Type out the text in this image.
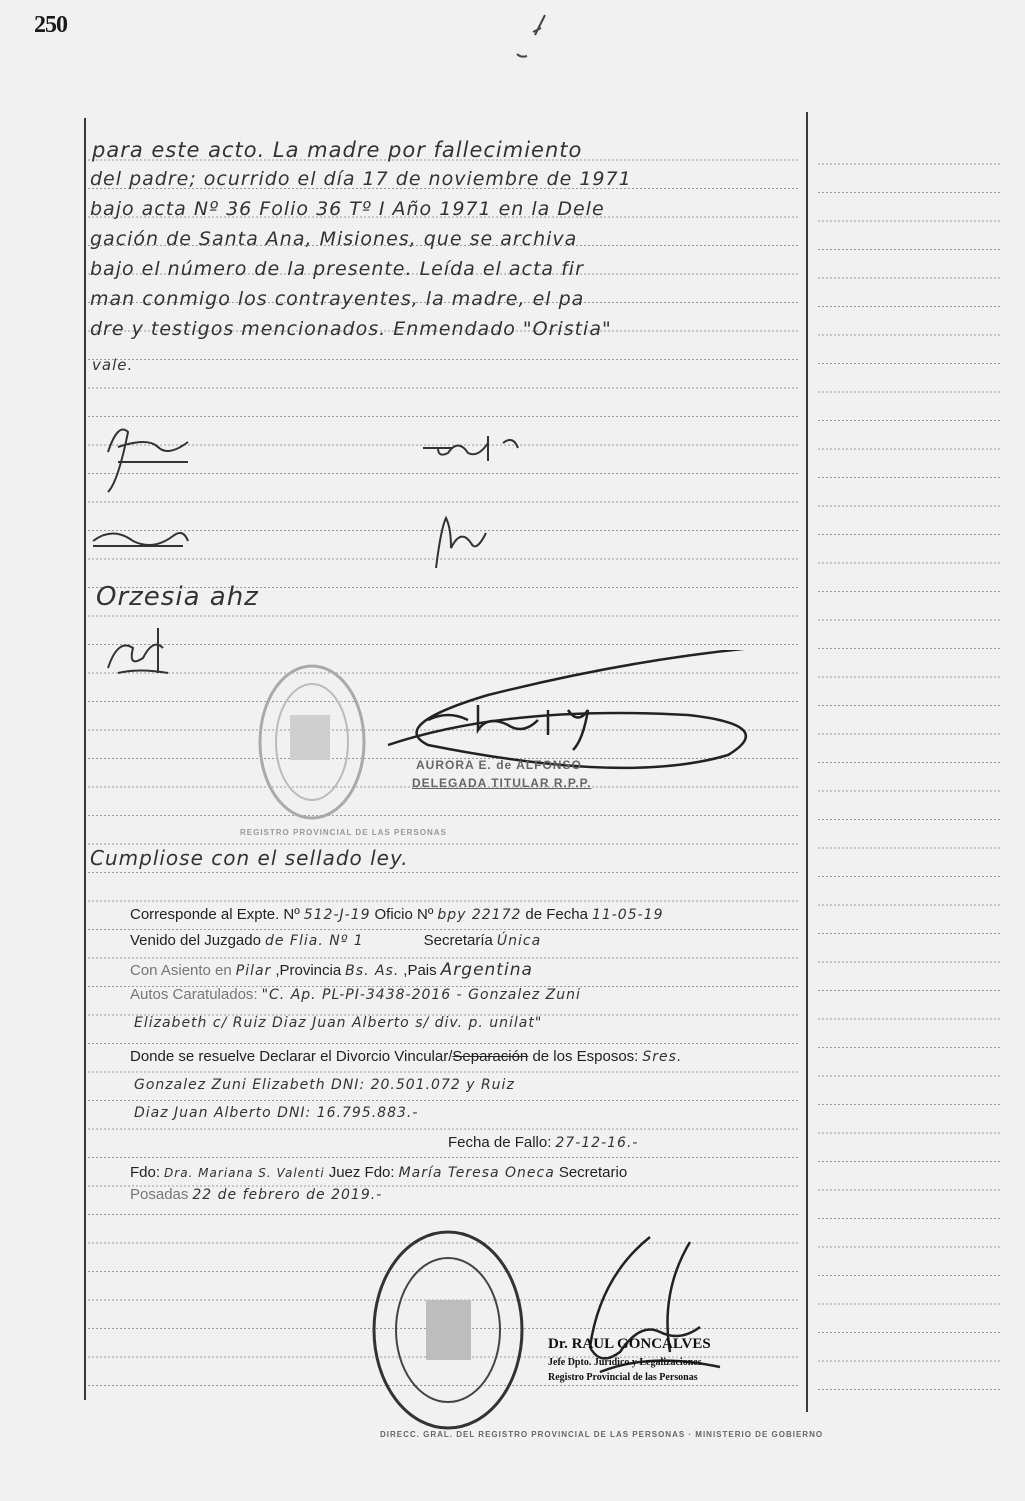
250
para este acto. La madre por fallecimiento
del padre; ocurrido el día 17 de noviembre de 1971
bajo acta Nº 36 Folio 36 Tº I Año 1971 en la Dele
gación de Santa Ana, Misiones, que se archiva
bajo el número de la presente. Leída el acta fir
man conmigo los contrayentes, la madre, el pa
dre y testigos mencionados. Enmendado "Oristia"
vale.
Orzesia ahz
REGISTRO PROVINCIAL DE LAS PERSONAS
AURORA E. de ALFONSO
DELEGADA TITULAR R.P.P.
Cumpliose con el sellado ley.
Corresponde al Expte. Nº 512-J-19 Oficio Nº bpy 22172 de Fecha 11-05-19
Venido del Juzgado de Flia. Nº 1	Secretaría Única
Con Asiento en Pilar ,Provincia Bs. As. ,Pais Argentina
Autos Caratulados: "C. Ap. PL-PI-3438-2016 - Gonzalez Zuni
Elizabeth c/ Ruiz Diaz Juan Alberto s/ div. p. unilat"
Donde se resuelve Declarar el Divorcio Vincular/Separación de los Esposos: Sres.
Gonzalez Zuni Elizabeth DNI: 20.501.072 y Ruiz
Diaz Juan Alberto DNI: 16.795.883.-
Fecha de Fallo: 27-12-16.-
Fdo: Dra. Mariana S. Valenti Juez Fdo: María Teresa Oneca Secretario
Posadas 22 de febrero de 2019.-
DIRECC. GRAL. DEL REGISTRO PROVINCIAL DE LAS PERSONAS · MINISTERIO DE GOBIERNO
Dr. RAUL GONCALVES
Jefe Dpto. Jurídico y Legalizaciones
Registro Provincial de las Personas
